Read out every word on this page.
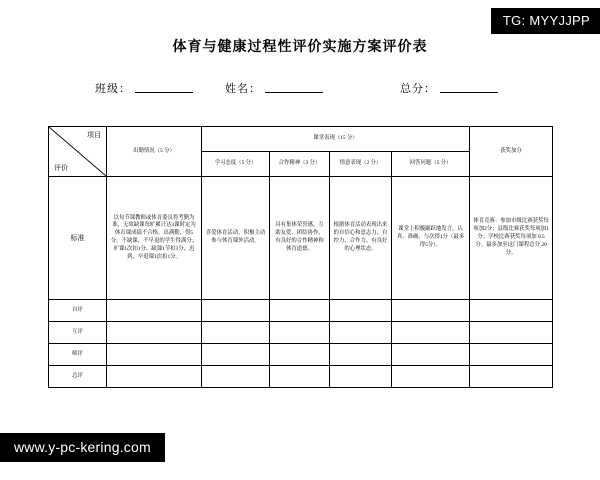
TG: MYYJJPP
体育与健康过程性评价实施方案评价表
班级：	姓名：	总分：
项目
评价	出勤情况（5 分）	课堂表现（15 分）				获奖加分
		学习态度（5 分）	合作精神（3 分）	情意表现（2 分）	回答问题（5 分）	
标准	以旬节课教师或体育委员将考勤为准，无故缺课每旷累计达3课时定为体育课成绩不合格。出满勤，得5分。不缺课，不早退的学生得满分；旷课1次扣1分、缺课1节扣3分、迟到、早退课1次扣1分。	喜爱体育活动，积极主动参与体育课外活动。	具有集体荣誉感，互助友爱、团结协作，有良好的合作精神和体育道德。	根据体育活动表现出来的自信心和意志力、自控力、合作力、有良好的心理状态。	课堂上积极踊跃地发言，认真、准确，与次得1分（最多得5分）。	体育竞赛：参加市级比赛获奖每项加2分；县级比赛获奖每项加1分；学校比赛获奖每项加 0.5 分。最多加至这门课程总分 20 分。
自评						
互评						
师评						
总评						
www.y-pc-kering.com
